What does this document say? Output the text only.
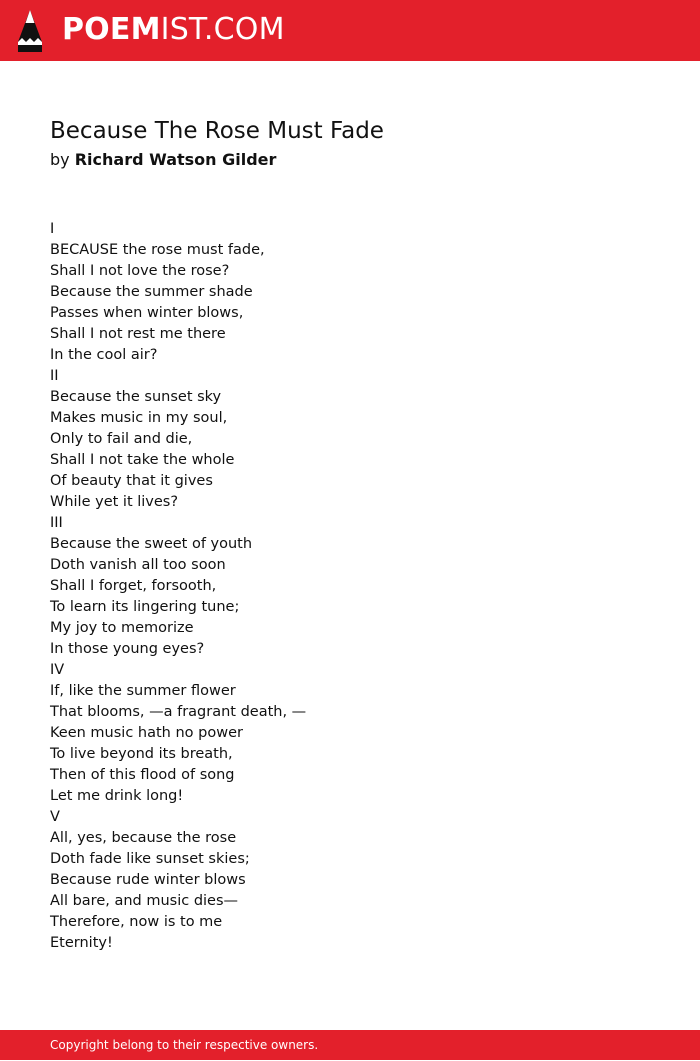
POEMIST.COM
Because The Rose Must Fade
by Richard Watson Gilder
I
BECAUSE the rose must fade,
Shall I not love the rose?
Because the summer shade
Passes when winter blows,
Shall I not rest me there
In the cool air?
II
Because the sunset sky
Makes music in my soul,
Only to fail and die,
Shall I not take the whole
Of beauty that it gives
While yet it lives?
III
Because the sweet of youth
Doth vanish all too soon
Shall I forget, forsooth,
To learn its lingering tune;
My joy to memorize
In those young eyes?
IV
If, like the summer flower
That blooms, —a fragrant death, —
Keen music hath no power
To live beyond its breath,
Then of this flood of song
Let me drink long!
V
All, yes, because the rose
Doth fade like sunset skies;
Because rude winter blows
All bare, and music dies—
Therefore, now is to me
Eternity!
Copyright belong to their respective owners.
